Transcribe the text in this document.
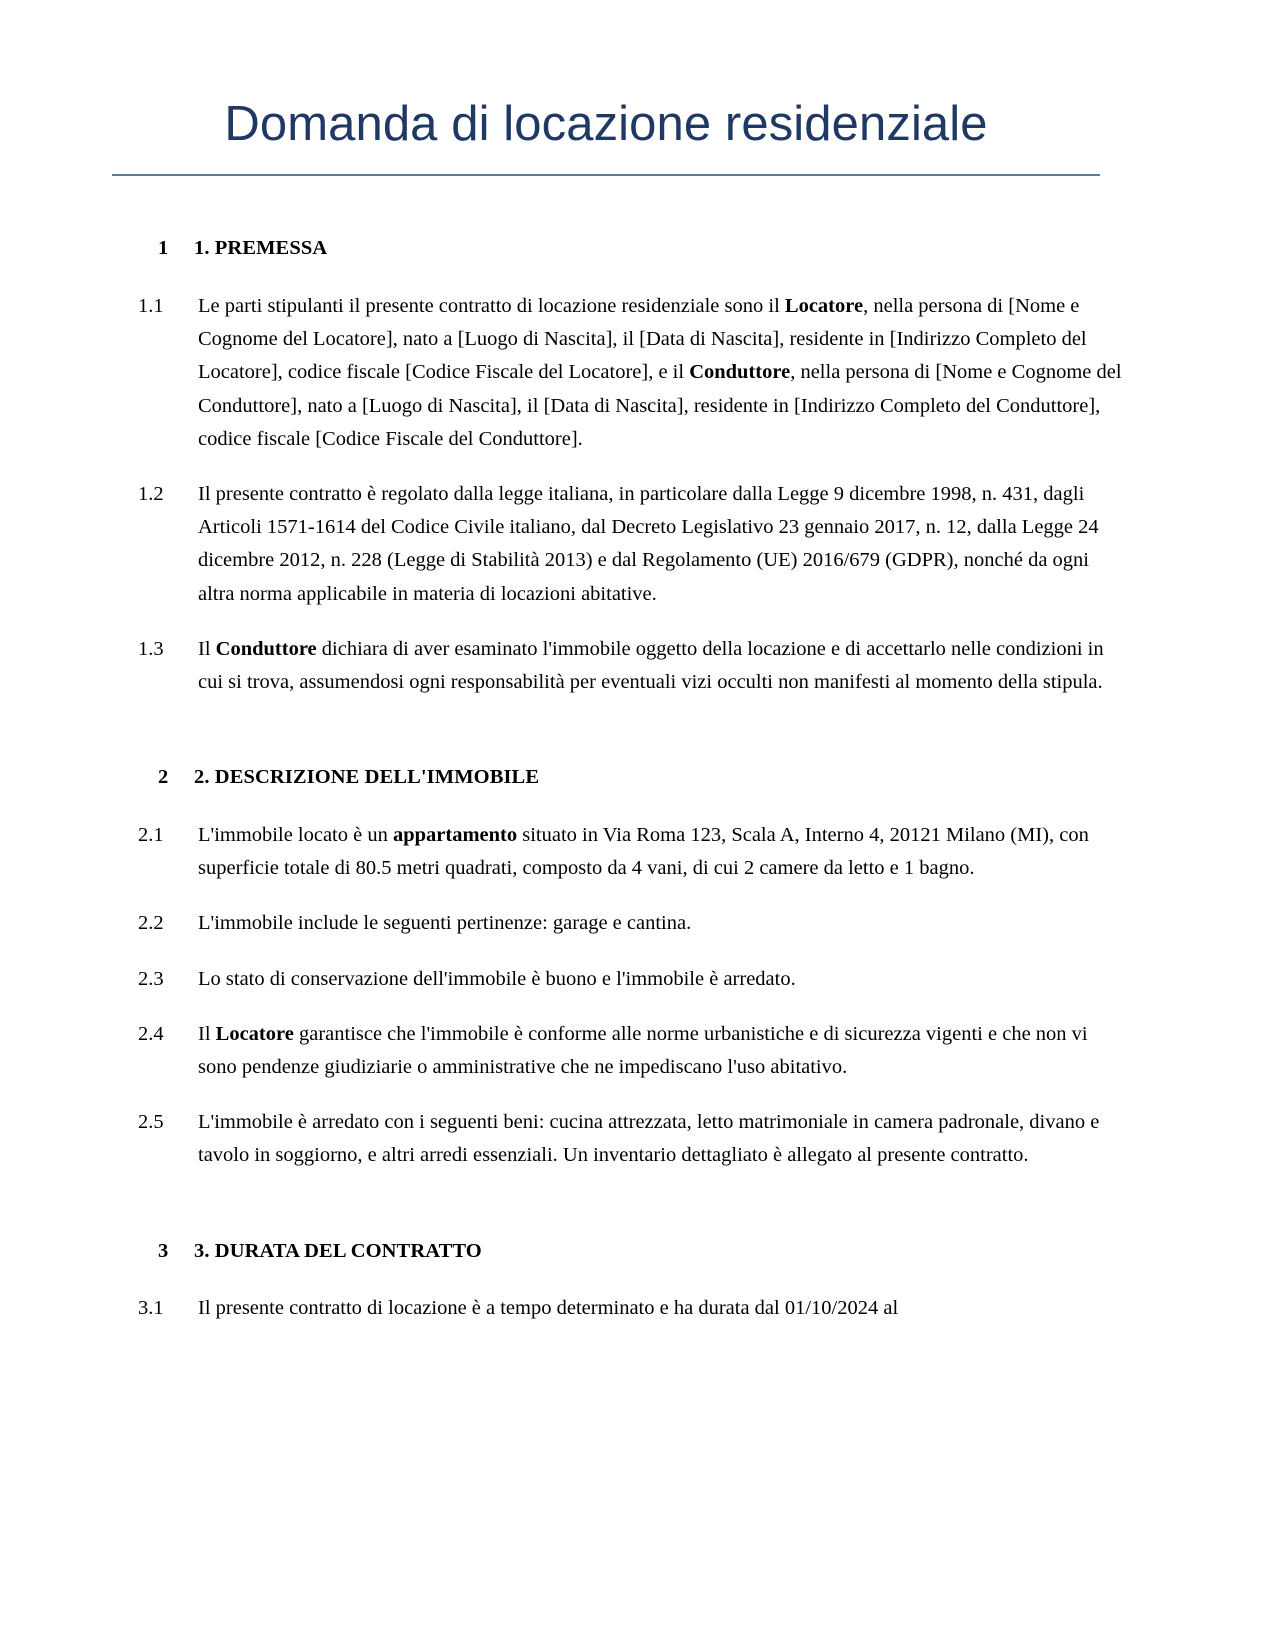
Domanda di locazione residenziale
1	1. PREMESSA
1.1	Le parti stipulanti il presente contratto di locazione residenziale sono il Locatore, nella persona di [Nome e Cognome del Locatore], nato a [Luogo di Nascita], il [Data di Nascita], residente in [Indirizzo Completo del Locatore], codice fiscale [Codice Fiscale del Locatore], e il Conduttore, nella persona di [Nome e Cognome del Conduttore], nato a [Luogo di Nascita], il [Data di Nascita], residente in [Indirizzo Completo del Conduttore], codice fiscale [Codice Fiscale del Conduttore].
1.2	Il presente contratto è regolato dalla legge italiana, in particolare dalla Legge 9 dicembre 1998, n. 431, dagli Articoli 1571-1614 del Codice Civile italiano, dal Decreto Legislativo 23 gennaio 2017, n. 12, dalla Legge 24 dicembre 2012, n. 228 (Legge di Stabilità 2013) e dal Regolamento (UE) 2016/679 (GDPR), nonché da ogni altra norma applicabile in materia di locazioni abitative.
1.3	Il Conduttore dichiara di aver esaminato l'immobile oggetto della locazione e di accettarlo nelle condizioni in cui si trova, assumendosi ogni responsabilità per eventuali vizi occulti non manifesti al momento della stipula.
2	2. DESCRIZIONE DELL'IMMOBILE
2.1	L'immobile locato è un appartamento situato in Via Roma 123, Scala A, Interno 4, 20121 Milano (MI), con superficie totale di 80.5 metri quadrati, composto da 4 vani, di cui 2 camere da letto e 1 bagno.
2.2	L'immobile include le seguenti pertinenze: garage e cantina.
2.3	Lo stato di conservazione dell'immobile è buono e l'immobile è arredato.
2.4	Il Locatore garantisce che l'immobile è conforme alle norme urbanistiche e di sicurezza vigenti e che non vi sono pendenze giudiziarie o amministrative che ne impediscano l'uso abitativo.
2.5	L'immobile è arredato con i seguenti beni: cucina attrezzata, letto matrimoniale in camera padronale, divano e tavolo in soggiorno, e altri arredi essenziali. Un inventario dettagliato è allegato al presente contratto.
3	3. DURATA DEL CONTRATTO
3.1	Il presente contratto di locazione è a tempo determinato e ha durata dal 01/10/2024 al
